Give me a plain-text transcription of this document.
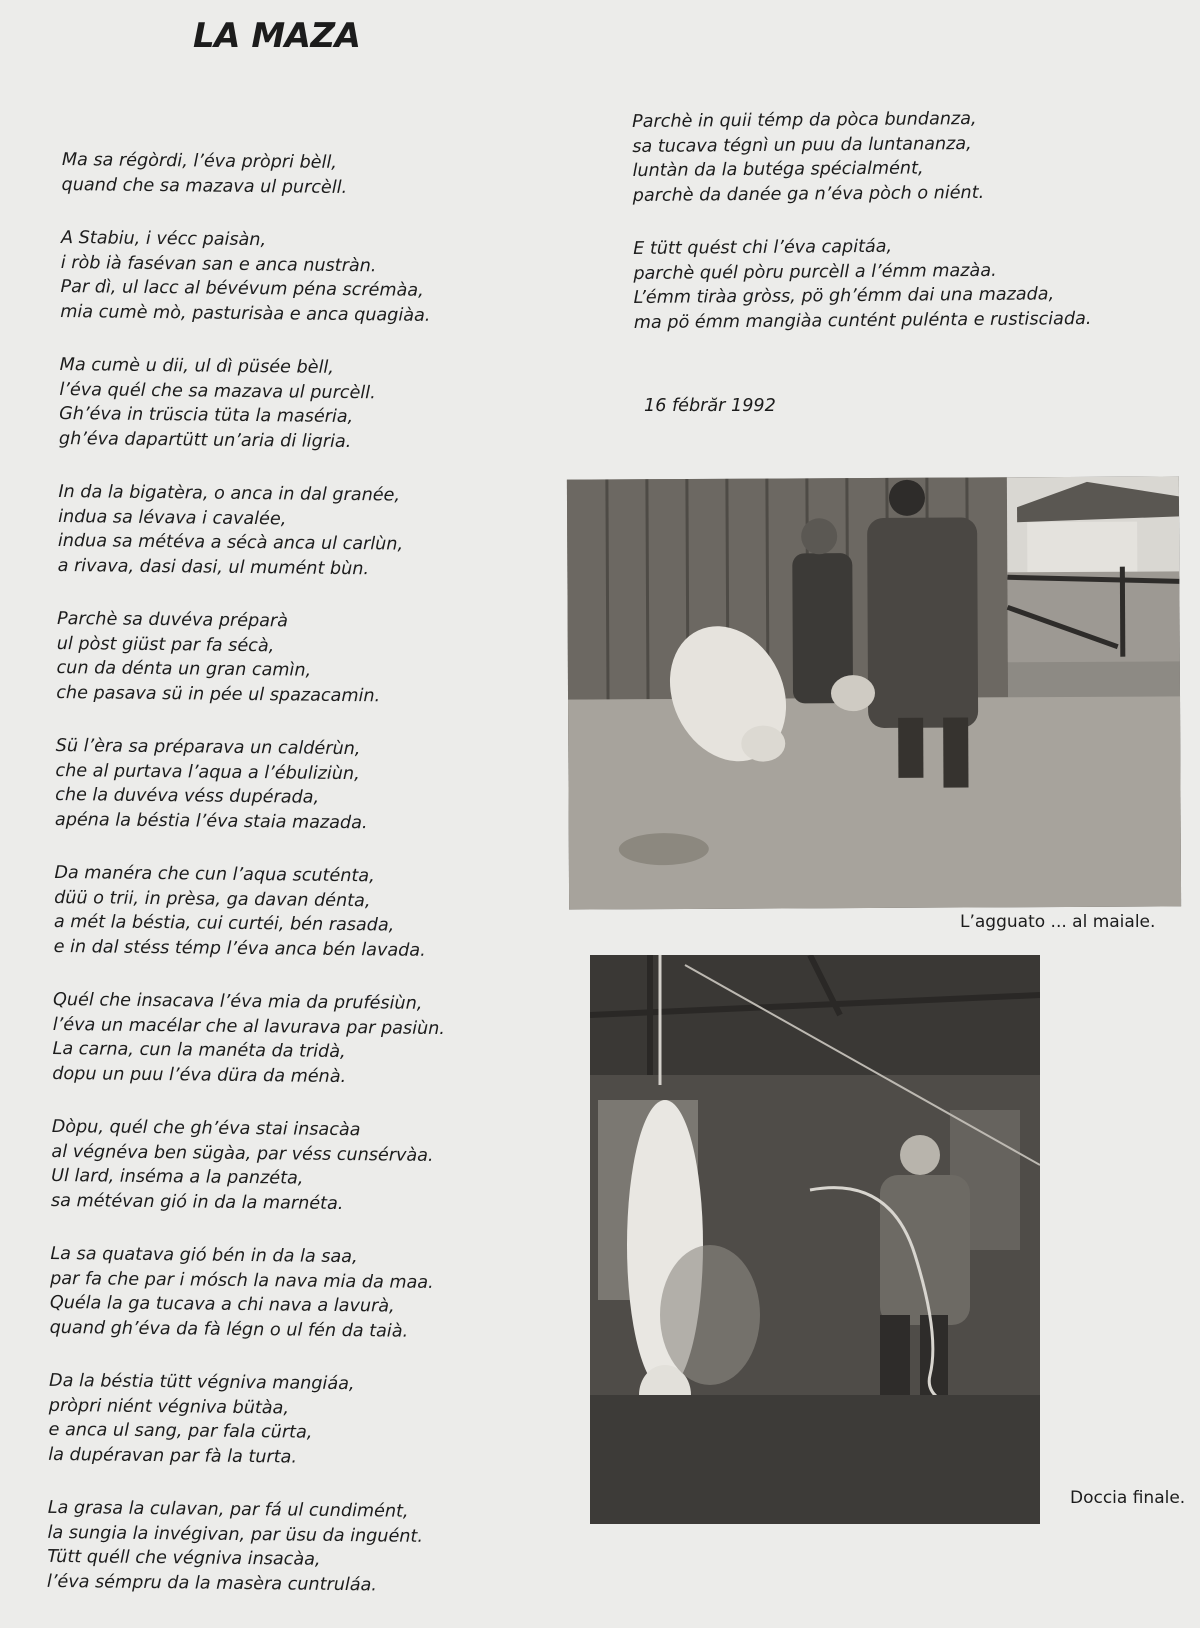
LA MAZA
Ma sa régòrdi, l’éva pròpri bèll,
quand che sa mazava ul purcèll.
A Stabiu, i vécc paisàn,
i ròb ià fasévan san e anca nustràn.
Par dì, ul lacc al bévévum péna scrémàa,
mia cumè mò, pasturisàa e anca quagiàa.
Ma cumè u dii, ul dì püsée bèll,
l’éva quél che sa mazava ul purcèll.
Gh’éva in trüscia tüta la maséria,
gh’éva dapartütt un’aria di ligria.
In da la bigatèra, o anca in dal granée,
indua sa lévava i cavalée,
indua sa météva a sécà anca ul carlùn,
a rivava, dasi dasi, ul mumént bùn.
Parchè sa duvéva préparà
ul pòst giüst par fa sécà,
cun da dénta un gran camìn,
che pasava sü in pée ul spazacamin.
Sü l’èra sa préparava un caldérùn,
che al purtava l’aqua a l’ébuliziùn,
che la duvéva véss dupérada,
apéna la béstia l’éva staia mazada.
Da manéra che cun l’aqua scuténta,
düü o trii, in prèsa, ga davan dénta,
a mét la béstia, cui curtéi, bén rasada,
e in dal stéss témp l’éva anca bén lavada.
Quél che insacava l’éva mia da prufésiùn,
l’éva un macélar che al lavurava par pasiùn.
La carna, cun la manéta da tridà,
dopu un puu l’éva düra da ménà.
Dòpu, quél che gh’éva stai insacàa
al végnéva ben sügàa, par véss cunsérvàa.
Ul lard, inséma a la panzéta,
sa métévan gió in da la marnéta.
La sa quatava gió bén in da la saa,
par fa che par i mósch la nava mia da maa.
Quéla la ga tucava a chi nava a lavurà,
quand gh’éva da fà légn o ul fén da taià.
Da la béstia tütt végniva mangiáa,
pròpri niént végniva bütàa,
e anca ul sang, par fala cürta,
la dupéravan par fà la turta.
La grasa la culavan, par fá ul cundimént,
la sungia la invégivan, par üsu da inguént.
Tütt quéll che végniva insacàa,
l’éva sémpru da la masèra cuntruláa.
Parchè in quii témp da pòca bundanza,
sa tucava tégnì un puu da luntananza,
luntàn da la butéga spécialmént,
parchè da danée ga n’éva pòch o niént.
E tütt quést chi l’éva capitáa,
parchè quél pòru purcèll a l’émm mazàa.
L’émm tiràa gròss, pö gh’émm dai una mazada,
ma pö émm mangiàa cuntént pulénta e rustisciada.
16 fébrăr 1992
L’agguato ... al maiale.
Doccia finale.
